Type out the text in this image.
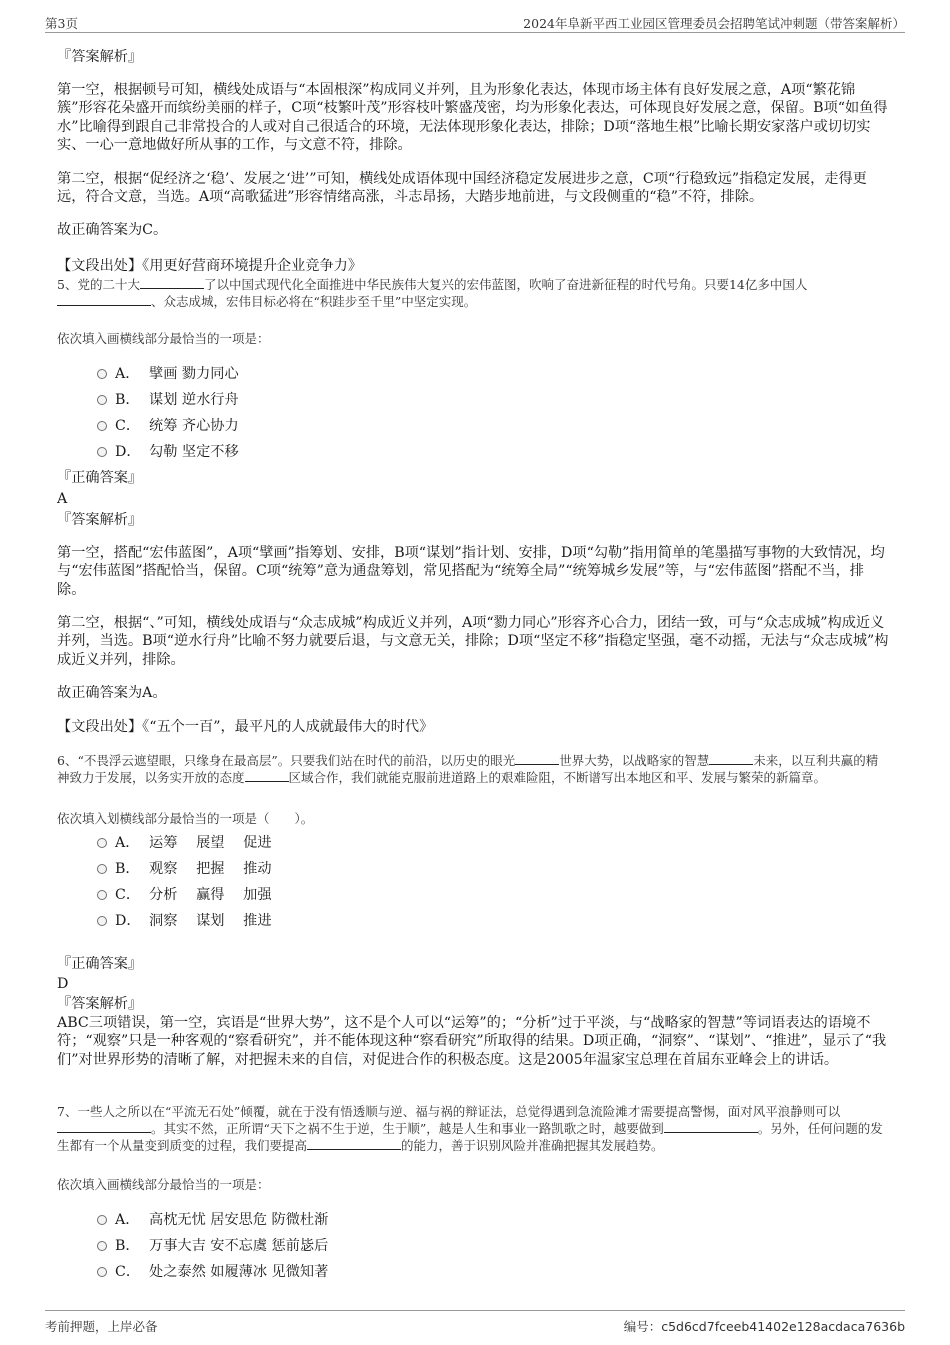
第3页	2024年阜新平西工业园区管理委员会招聘笔试冲刺题（带答案解析）

『答案解析』

第一空，根据顿号可知，横线处成语与“本固根深”构成同义并列，且为形象化表达，体现市场主体有良好发展之意，A项“繁花锦簇”形容花朵盛开而缤纷美丽的样子，C项“枝繁叶茂”形容枝叶繁盛茂密，均为形象化表达，可体现良好发展之意，保留。B项“如鱼得水”比喻得到跟自己非常投合的人或对自己很适合的环境，无法体现形象化表达，排除；D项“落地生根”比喻长期安家落户或切切实实、一心一意地做好所从事的工作，与文意不符，排除。

第二空，根据“促经济之‘稳’、发展之‘进’”可知，横线处成语体现中国经济稳定发展进步之意，C项“行稳致远”指稳定发展，走得更远，符合文意，当选。A项“高歌猛进”形容情绪高涨，斗志昂扬，大踏步地前进，与文段侧重的“稳”不符，排除。

故正确答案为C。

【文段出处】《用更好营商环境提升企业竞争力》

5、党的二十大	了以中国式现代化全面推进中华民族伟大复兴的宏伟蓝图，吹响了奋进新征程的时代号角。只要14亿多中国人
、众志成城，宏伟目标必将在“积跬步至千里”中坚定实现。

依次填入画横线部分最恰当的一项是：

A． 擘画 勠力同心
B． 谋划 逆水行舟
C． 统筹 齐心协力
D． 勾勒 坚定不移

『正确答案』

A

『答案解析』

第一空，搭配“宏伟蓝图”，A项“擘画”指筹划、安排，B项“谋划”指计划、安排，D项“勾勒”指用简单的笔墨描写事物的大致情况，均与“宏伟蓝图”搭配恰当，保留。C项“统筹”意为通盘筹划，常见搭配为“统筹全局”“统筹城乡发展”等，与“宏伟蓝图”搭配不当，排除。

第二空，根据“、”可知，横线处成语与“众志成城”构成近义并列，A项“勠力同心”形容齐心合力，团结一致，可与“众志成城”构成近义并列，当选。B项“逆水行舟”比喻不努力就要后退，与文意无关，排除；D项“坚定不移”指稳定坚强，毫不动摇，无法与“众志成城”构成近义并列，排除。

故正确答案为A。

【文段出处】《“五个一百”，最平凡的人成就最伟大的时代》

6、“不畏浮云遮望眼，只缘身在最高层”。只要我们站在时代的前沿，以历史的眼光	世界大势，以战略家的智慧	未来，以互利共赢的精神致力于发展，以务实开放的态度	区域合作，我们就能克服前进道路上的艰难险阻，不断谱写出本地区和平、发展与繁荣的新篇章。

依次填入划横线部分最恰当的一项是（　　）。

A． 运筹　 展望　 促进
B． 观察　 把握　 推动
C． 分析　 赢得　 加强
D． 洞察　 谋划　 推进

『正确答案』

D

『答案解析』

ABC三项错误，第一空，宾语是“世界大势”，这不是个人可以“运筹”的；“分析”过于平淡，与“战略家的智慧”等词语表达的语境不符；“观察”只是一种客观的“察看研究”，并不能体现这种“察看研究”所取得的结果。D项正确，“洞察”、“谋划”、“推进”，显示了“我们”对世界形势的清晰了解，对把握未来的自信，对促进合作的积极态度。这是2005年温家宝总理在首届东亚峰会上的讲话。

7、一些人之所以在“平流无石处”倾覆，就在于没有悟透顺与逆、福与祸的辩证法，总觉得遇到急流险滩才需要提高警惕，面对风平浪静则可以。其实不然，正所谓“天下之祸不生于逆，生于顺”，越是人生和事业一路凯歌之时，越要做到	。另外，任何问题的发生都有一个从量变到质变的过程，我们要提高	的能力，善于识别风险并准确把握其发展趋势。

依次填入画横线部分最恰当的一项是：

A． 高枕无忧 居安思危 防微杜渐
B． 万事大吉 安不忘虞 惩前毖后
C． 处之泰然 如履薄冰 见微知著
考前押题，上岸必备	编号：c5d6cd7fceeb41402e128acdaca7636b
